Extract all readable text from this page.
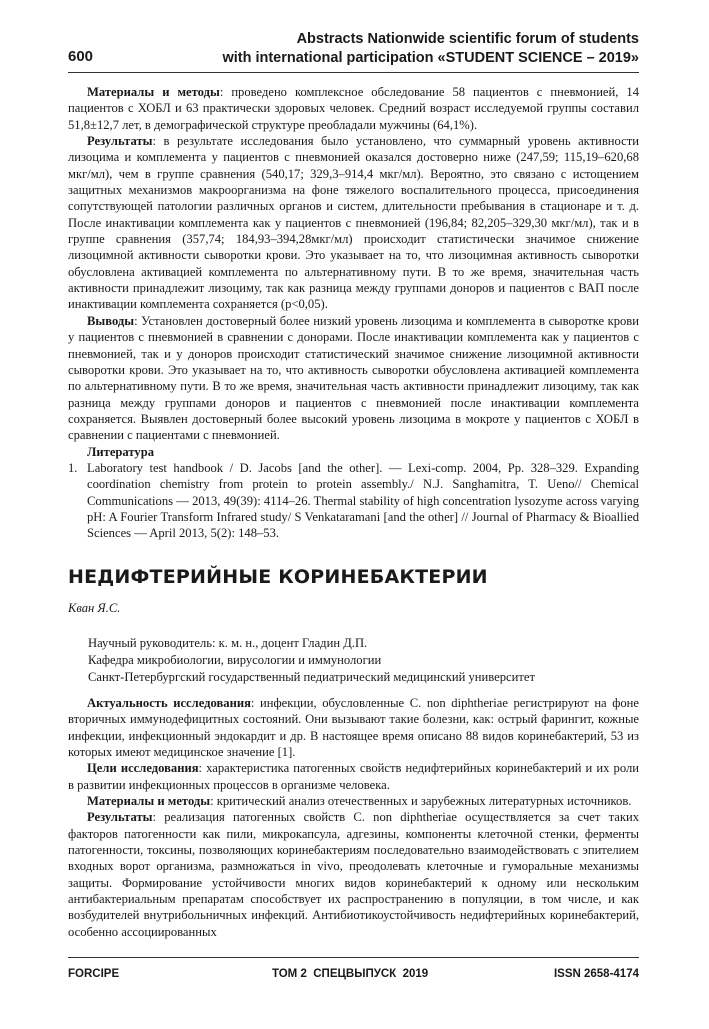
600
Abstracts Nationwide scientific forum of students
with international participation «STUDENT SCIENCE – 2019»

Материалы и методы: проведено комплексное обследование 58 пациентов с пневмонией, 14 пациентов с ХОБЛ и 63 практически здоровых человек. Средний возраст исследуемой группы составил 51,8±12,7 лет, в демографической структуре преобладали мужчины (64,1%).

Результаты: в результате исследования было установлено, что суммарный уровень активности лизоцима и комплемента у пациентов с пневмонией оказался достоверно ниже (247,59; 115,19–620,68 мкг/мл), чем в группе сравнения (540,17; 329,3–914,4 мкг/мл). Вероятно, это связано с истощением защитных механизмов макроорганизма на фоне тяжелого воспалительного процесса, присоединения сопутствующей патологии различных органов и систем, длительности пребывания в стационаре и т. д. После инактивации комплемента как у пациентов с пневмонией (196,84; 82,205–329,30 мкг/мл), так и в группе сравнения (357,74; 184,93–394,28мкг/мл) происходит статистически значимое снижение лизоцимной активности сыворотки крови. Это указывает на то, что лизоцимная активность сыворотки обусловлена активацией комплемента по альтернативному пути. В то же время, значительная часть активности принадлежит лизоциму, так как разница между группами доноров и пациентов с ВАП после инактивации комплемента сохраняется (p<0,05).

Выводы: Установлен достоверный более низкий уровень лизоцима и комплемента в сыворотке крови у пациентов с пневмонией в сравнении с донорами. После инактивации комплемента как у пациентов с пневмонией, так и у доноров происходит статистический значимое снижение лизоцимной активности сыворотки крови. Это указывает на то, что активность сыворотки обусловлена активацией комплемента по альтернативному пути. В то же время, значительная часть активности принадлежит лизоциму, так как разница между группами доноров и пациентов с пневмонией после инактивации комплемента сохраняется. Выявлен достоверный более высокий уровень лизоцима в мокроте у пациентов с ХОБЛ в сравнении с пациентами с пневмонией.

Литература
1. Laboratory test handbook / D. Jacobs [and the other]. — Lexi-comp. 2004, Pp. 328–329. Expanding coordination chemistry from protein to protein assembly./ N.J. Sanghamitra, T. Ueno// Chemical Communications — 2013, 49(39): 4114–26. Thermal stability of high concentration lysozyme across varying pH: A Fourier Transform Infrared study/ S Venkataramani [and the other] // Journal of Pharmacy & Bioallied Sciences — April 2013, 5(2): 148–53.
НЕДИФТЕРИЙНЫЕ КОРИНЕБАКТЕРИИ
Кван Я.С.
Научный руководитель: к. м. н., доцент Гладин Д.П.
Кафедра микробиологии, вирусологии и иммунологии
Санкт-Петербургский государственный педиатрический медицинский университет

Актуальность исследования: инфекции, обусловленные C. non diphtheriae регистрируют на фоне вторичных иммунодефицитных состояний. Они вызывают такие болезни, как: острый фарингит, кожные инфекции, инфекционный эндокардит и др. В настоящее время описано 88 видов коринебактерий, 53 из которых имеют медицинское значение [1].

Цели исследования: характеристика патогенных свойств недифтерийных коринебактерий и их роли в развитии инфекционных процессов в организме человека.

Материалы и методы: критический анализ отечественных и зарубежных литературных источников.

Результаты: реализация патогенных свойств C. non diphtheriae осуществляется за счет таких факторов патогенности как пили, микрокапсула, адгезины, компоненты клеточной стенки, ферменты патогенности, токсины, позволяющих коринебактериям последовательно взаимодействовать с эпителием входных ворот организма, размножаться in vivo, преодолевать клеточные и гуморальные механизмы защиты. Формирование устойчивости многих видов коринебактерий к одному или нескольким антибактериальным препаратам способствует их распространению в популяции, в том числе, и как возбудителей внутрибольничных инфекций. Антибиотикоустойчивость недифтерийных коринебактерий, особенно ассоциированных

FORCIPE	ТОМ 2  СПЕЦВЫПУСК  2019	ISSN 2658-4174
